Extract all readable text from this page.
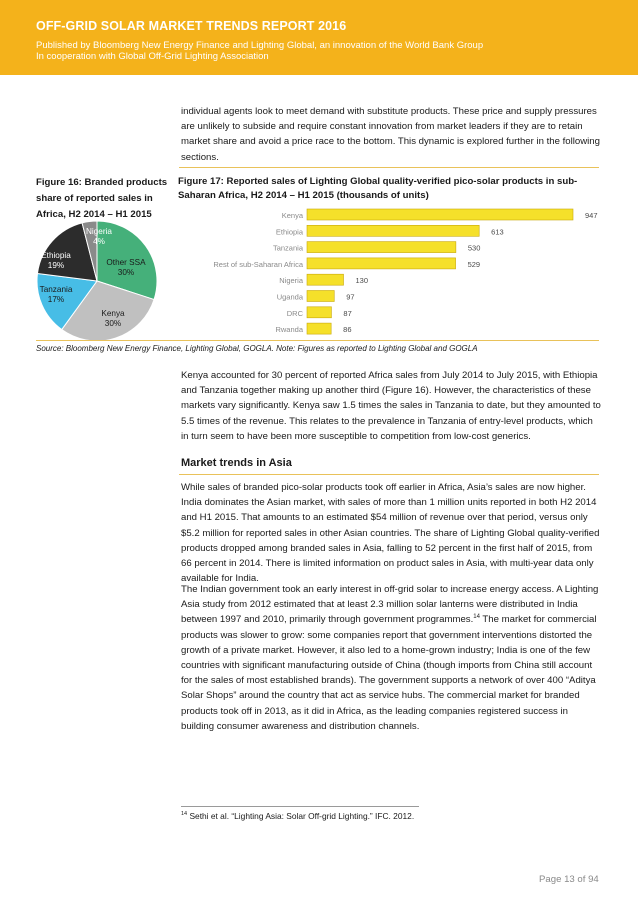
OFF-GRID SOLAR MARKET TRENDS REPORT 2016
Published by Bloomberg New Energy Finance and Lighting Global, an innovation of the World Bank Group
In cooperation with Global Off-Grid Lighting Association

individual agents look to meet demand with substitute products. These price and supply pressures are unlikely to subside and require constant innovation from market leaders if they are to retain market share and avoid a price race to the bottom. This dynamic is explored further in the following sections.

Figure 16: Branded products share of reported sales in Africa, H2 2014 – H1 2015
Figure 17: Reported sales of Lighting Global quality-verified pico-solar products in sub-Saharan Africa, H2 2014 – H1 2015 (thousands of units)
Other SSA
30%
Kenya
30%
Tanzania
17%
Ethiopia
19%
Nigeria
4%
Kenya	947
Ethiopia	613
Tanzania	530
Rest of sub-Saharan Africa	529
Nigeria	130
Uganda	97
DRC	87
Rwanda	86
Source: Bloomberg New Energy Finance, Lighting Global, GOGLA. Note: Figures as reported to Lighting Global and GOGLA

Kenya accounted for 30 percent of reported Africa sales from July 2014 to July 2015, with Ethiopia and Tanzania together making up another third (Figure 16). However, the characteristics of these markets vary significantly. Kenya saw 1.5 times the sales in Tanzania to date, but they amounted to 5.5 times of the revenue. This relates to the prevalence in Tanzania of entry-level products, which in turn seem to have been more susceptible to competition from low-cost generics.

Market trends in Asia

While sales of branded pico-solar products took off earlier in Africa, Asia’s sales are now higher. India dominates the Asian market, with sales of more than 1 million units reported in both H2 2014 and H1 2015. That amounts to an estimated $54 million of revenue over that period, versus only $5.2 million for reported sales in other Asian countries. The share of Lighting Global quality-verified products dropped among branded sales in Asia, falling to 52 percent in the first half of 2015, from 66 percent in 2014. There is limited information on product sales in Asia, with multi-year data only available for India.

The Indian government took an early interest in off-grid solar to increase energy access. A Lighting Asia study from 2012 estimated that at least 2.3 million solar lanterns were distributed in India between 1997 and 2010, primarily through government programmes.$^{14}$ The market for commercial products was slower to grow: some companies report that government interventions distorted the growth of a private market. However, it also led to a home-grown industry; India is one of the few countries with significant manufacturing outside of China (though imports from China still account for the sales of most established brands). The government supports a network of over 400 “Aditya Solar Shops” around the country that act as service hubs. The commercial market for branded products took off in 2013, as it did in Africa, as the leading companies registered success in building consumer awareness and distribution channels.

$^{14}$ Sethi et al. “Lighting Asia: Solar Off-grid Lighting.” IFC. 2012.
Page 13 of 94
